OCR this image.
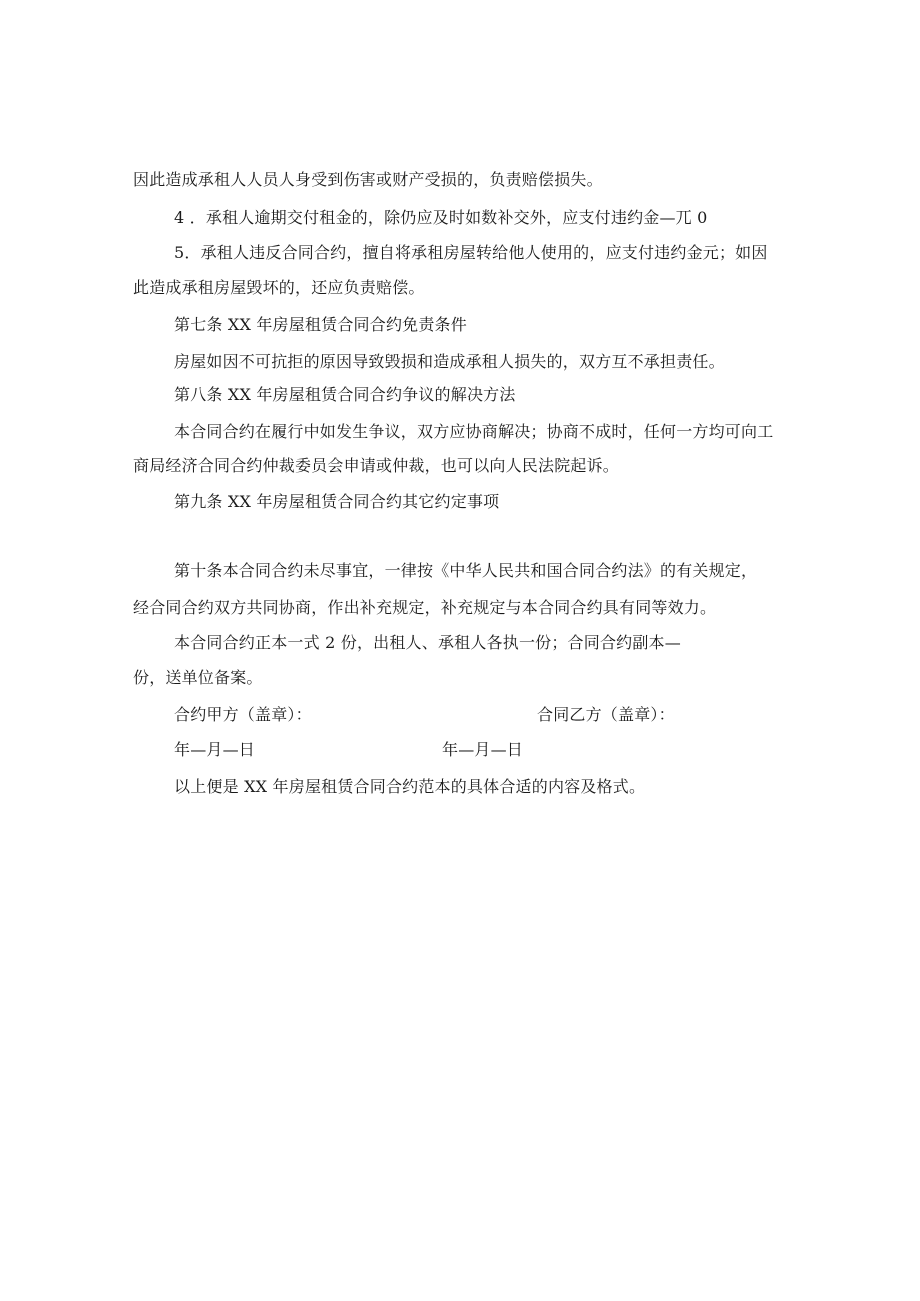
因此造成承租人人员人身受到伤害或财产受损的，负责赔偿损失。
4 ．承租人逾期交付租金的，除仍应及时如数补交外，应支付违约金—兀 0
5．承租人违反合同合约，擅自将承租房屋转给他人使用的，应支付违约金元；如因
此造成承租房屋毁坏的，还应负责赔偿。
第七条 XX 年房屋租赁合同合约免责条件
房屋如因不可抗拒的原因导致毁损和造成承租人损失的，双方互不承担责任。
第八条 XX 年房屋租赁合同合约争议的解决方法
本合同合约在履行中如发生争议，双方应协商解决；协商不成时，任何一方均可向工
商局经济合同合约仲裁委员会申请或仲裁，也可以向人民法院起诉。
第九条 XX 年房屋租赁合同合约其它约定事项
第十条本合同合约未尽事宜，一律按《中华人民共和国合同合约法》的有关规定，
经合同合约双方共同协商，作出补充规定，补充规定与本合同合约具有同等效力。
本合同合约正本一式 2 份，出租人、承租人各执一份；合同合约副本—
份，送单位备案。
合约甲方（盖章）：	合同乙方（盖章）：
年—月—日	年—月—日
以上便是 XX 年房屋租赁合同合约范本的具体合适的内容及格式。
